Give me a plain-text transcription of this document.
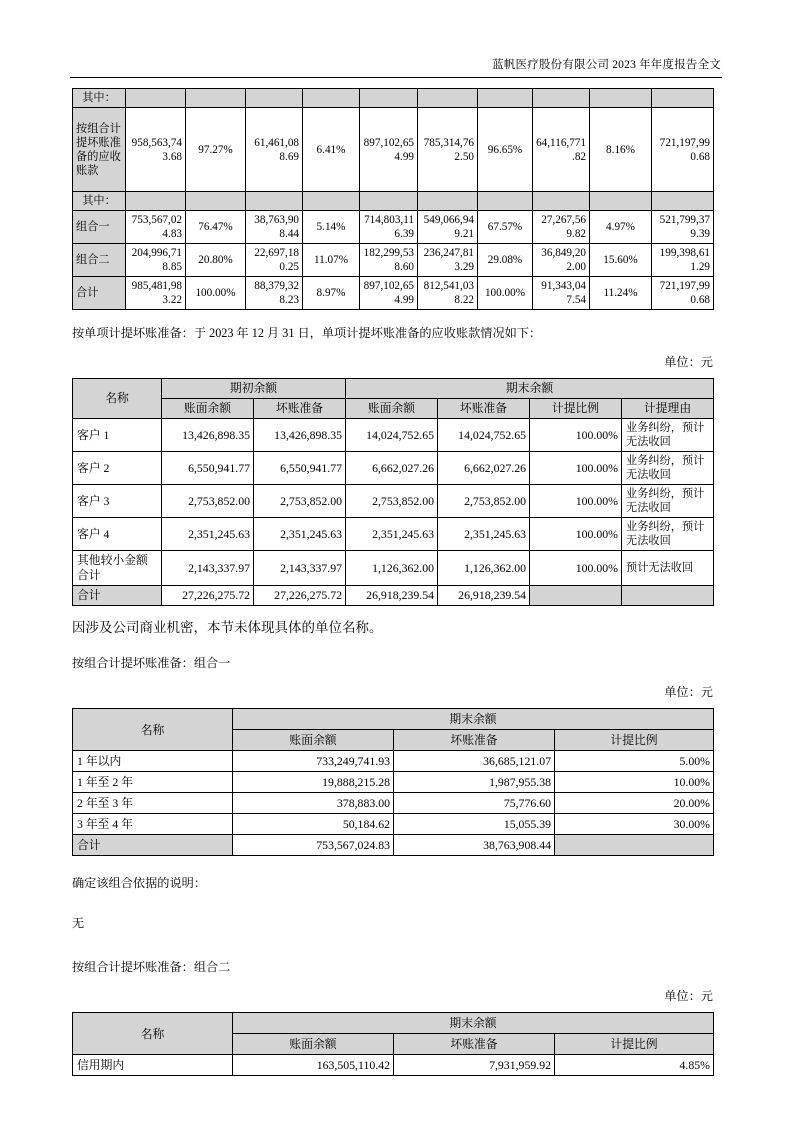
蓝帆医疗股份有限公司 2023 年年度报告全文
其中：										
按组合计提坏账准备的应收账款	958,563,743.68	97.27%	61,461,088.69	6.41%	897,102,654.99	785,314,762.50	96.65%	64,116,771.82	8.16%	721,197,990.68
其中：										
组合一	753,567,024.83	76.47%	38,763,908.44	5.14%	714,803,116.39	549,066,949.21	67.57%	27,267,569.82	4.97%	521,799,379.39
组合二	204,996,718.85	20.80%	22,697,180.25	11.07%	182,299,538.60	236,247,813.29	29.08%	36,849,202.00	15.60%	199,398,611.29
合计	985,481,983.22	100.00%	88,379,328.23	8.97%	897,102,654.99	812,541,038.22	100.00%	91,343,047.54	11.24%	721,197,990.68

按单项计提坏账准备：于 2023 年 12 月 31 日，单项计提坏账准备的应收账款情况如下：

单位：元

名称	期初余额		期末余额			
	账面余额	坏账准备	账面余额	坏账准备	计提比例	计提理由
客户 1	13,426,898.35	13,426,898.35	14,024,752.65	14,024,752.65	100.00%	业务纠纷，预计无法收回
客户 2	6,550,941.77	6,550,941.77	6,662,027.26	6,662,027.26	100.00%	业务纠纷，预计无法收回
客户 3	2,753,852.00	2,753,852.00	2,753,852.00	2,753,852.00	100.00%	业务纠纷，预计无法收回
客户 4	2,351,245.63	2,351,245.63	2,351,245.63	2,351,245.63	100.00%	业务纠纷，预计无法收回
其他较小金额合计	2,143,337.97	2,143,337.97	1,126,362.00	1,126,362.00	100.00%	预计无法收回
合计	27,226,275.72	27,226,275.72	26,918,239.54	26,918,239.54		

因涉及公司商业机密，本节未体现具体的单位名称。

按组合计提坏账准备：组合一

单位：元

名称	期末余额		
	账面余额	坏账准备	计提比例
1 年以内	733,249,741.93	36,685,121.07	5.00%
1 年至 2 年	19,888,215.28	1,987,955.38	10.00%
2 年至 3 年	378,883.00	75,776.60	20.00%
3 年至 4 年	50,184.62	15,055.39	30.00%
合计	753,567,024.83	38,763,908.44	

确定该组合依据的说明：

无

按组合计提坏账准备：组合二

单位：元

名称	期末余额		
	账面余额	坏账准备	计提比例
信用期内	163,505,110.42	7,931,959.92	4.85%
